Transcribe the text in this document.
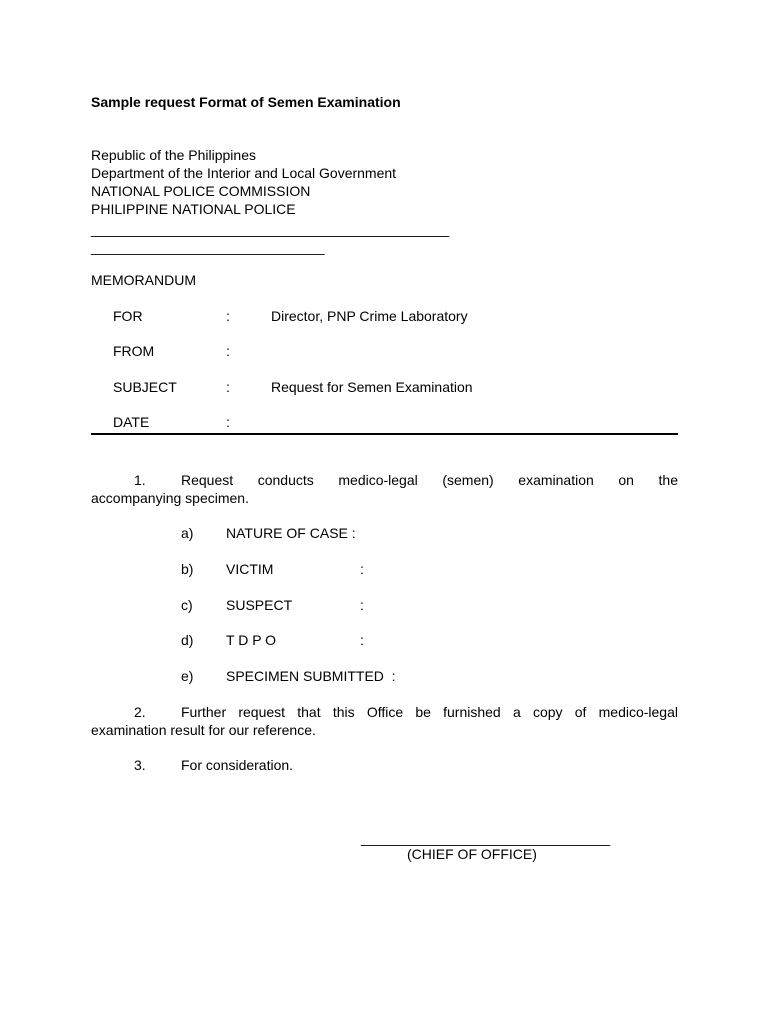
Sample request Format of Semen Examination
Republic of the Philippines
Department of the Interior and Local Government
NATIONAL POLICE COMMISSION
PHILIPPINE NATIONAL POLICE
______________________________________________
______________________________
MEMORANDUM
FOR	:	Director, PNP Crime Laboratory
FROM	:
SUBJECT	:	Request for Semen Examination
DATE	:
1.	Request conducts medico-legal (semen) examination on the
accompanying specimen.
a) NATURE OF CASE :
b) VICTIM	:
c) SUSPECT	:
d) T D P O	:
e) SPECIMEN SUBMITTED  :
2.	Further request that this Office be furnished a copy of medico-legal
examination result for our reference.
3.	For consideration.
________________________________
(CHIEF OF OFFICE)
